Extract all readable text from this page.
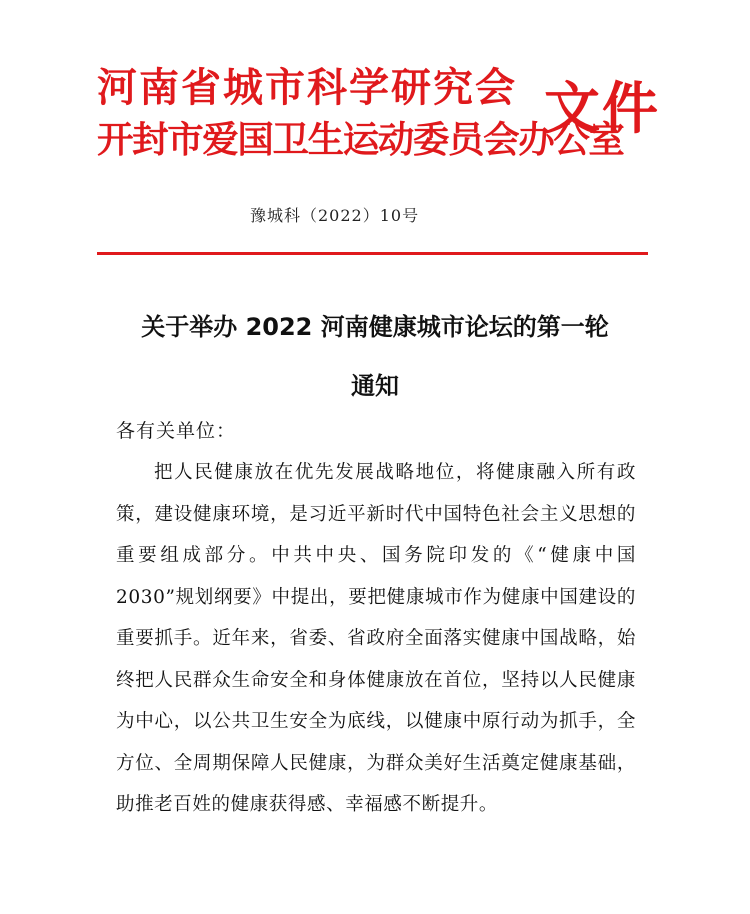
河南省城市科学研究会
开封市爱国卫生运动委员会办公室
文件
豫城科（2022）10号
关于举办 2022 河南健康城市论坛的第一轮
通知
各有关单位：

把人民健康放在优先发展战略地位，将健康融入所有政策，建设健康环境，是习近平新时代中国特色社会主义思想的重要组成部分。中共中央、国务院印发的《“健康中国 2030”规划纲要》中提出，要把健康城市作为健康中国建设的重要抓手。近年来，省委、省政府全面落实健康中国战略，始终把人民群众生命安全和身体健康放在首位，坚持以人民健康为中心，以公共卫生安全为底线，以健康中原行动为抓手，全方位、全周期保障人民健康，为群众美好生活奠定健康基础，助推老百姓的健康获得感、幸福感不断提升。
